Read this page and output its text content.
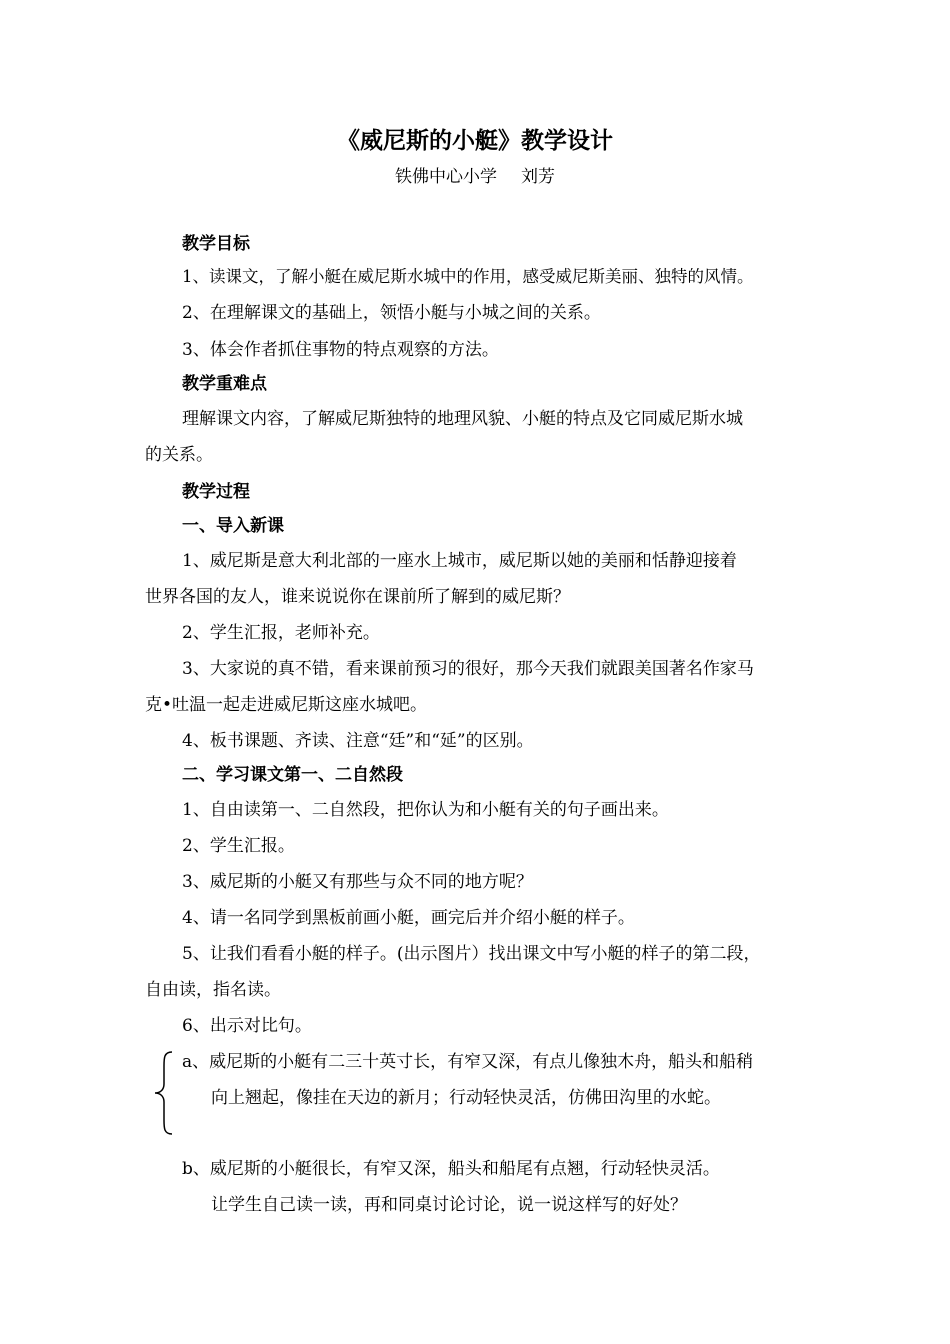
《威尼斯的小艇》教学设计
铁佛中心小学 刘芳
教学目标
1、读课文，了解小艇在威尼斯水城中的作用，感受威尼斯美丽、独特的风情。
2、在理解课文的基础上，领悟小艇与小城之间的关系。
3、体会作者抓住事物的特点观察的方法。
教学重难点
理解课文内容，了解威尼斯独特的地理风貌、小艇的特点及它同威尼斯水城
的关系。
教学过程
一、导入新课
1、威尼斯是意大利北部的一座水上城市，威尼斯以她的美丽和恬静迎接着
世界各国的友人，谁来说说你在课前所了解到的威尼斯？
2、学生汇报，老师补充。
3、大家说的真不错，看来课前预习的很好，那今天我们就跟美国著名作家马
克•吐温一起走进威尼斯这座水城吧。
4、板书课题、齐读、注意“廷”和“延”的区别。
二、学习课文第一、二自然段
1、自由读第一、二自然段，把你认为和小艇有关的句子画出来。
2、学生汇报。
3、威尼斯的小艇又有那些与众不同的地方呢？
4、请一名同学到黑板前画小艇，画完后并介绍小艇的样子。
5、让我们看看小艇的样子。(出示图片）找出课文中写小艇的样子的第二段，
自由读，指名读。
6、出示对比句。
a、威尼斯的小艇有二三十英寸长，有窄又深，有点儿像独木舟，船头和船稍
向上翘起，像挂在天边的新月；行动轻快灵活，仿佛田沟里的水蛇。
b、威尼斯的小艇很长，有窄又深，船头和船尾有点翘，行动轻快灵活。
让学生自己读一读，再和同桌讨论讨论，说一说这样写的好处？
